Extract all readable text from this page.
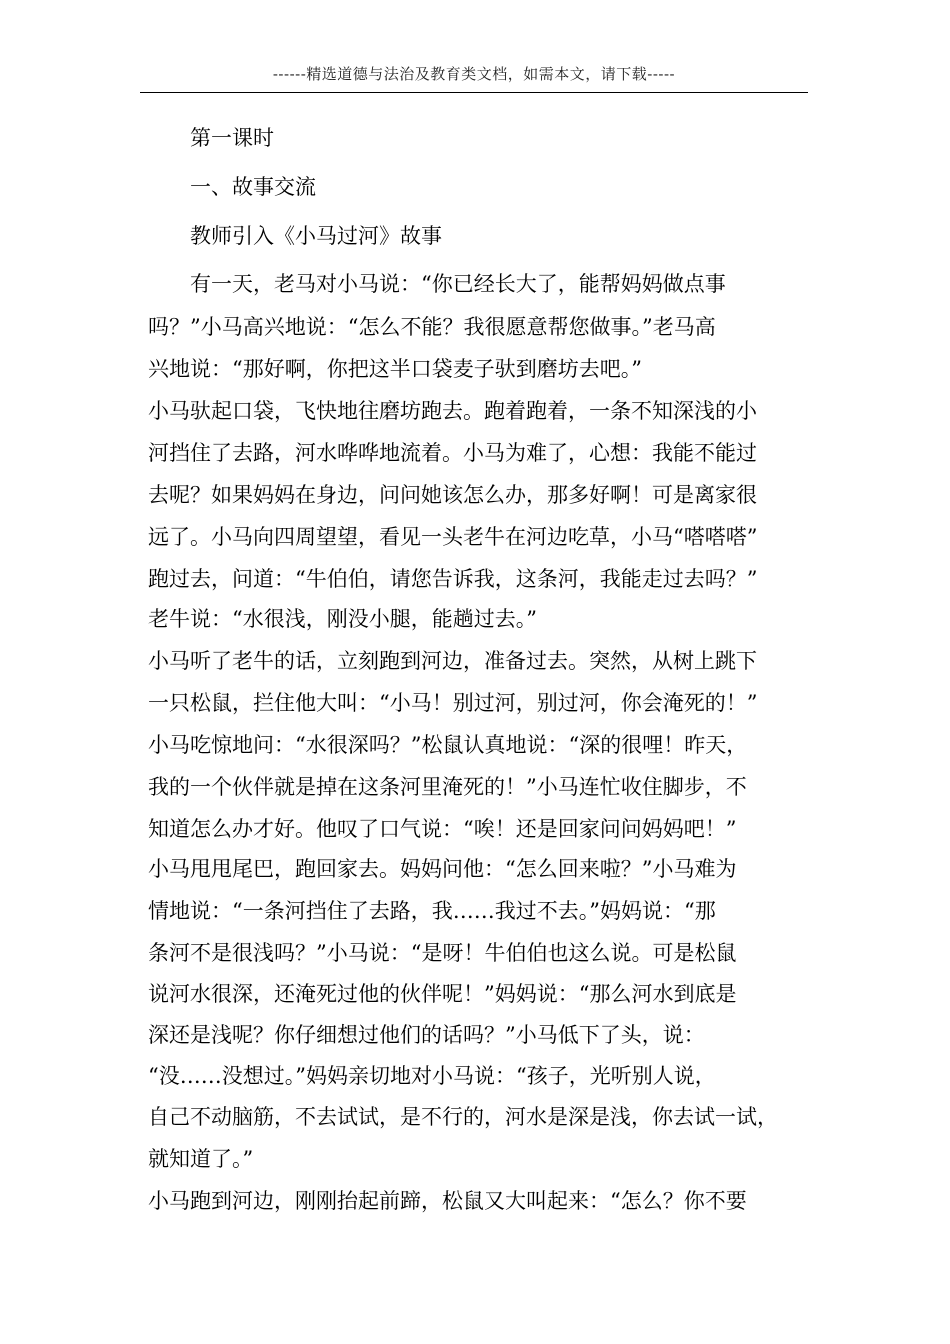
------精选道德与法治及教育类文档，如需本文，请下载-----
第一课时
一、故事交流
教师引入《小马过河》故事
有一天，老马对小马说：“你已经长大了，能帮妈妈做点事
吗？”小马高兴地说：“怎么不能？我很愿意帮您做事。”老马高
兴地说：“那好啊，你把这半口袋麦子驮到磨坊去吧。”
小马驮起口袋，飞快地往磨坊跑去。跑着跑着，一条不知深浅的小
河挡住了去路，河水哗哗地流着。小马为难了，心想：我能不能过
去呢？如果妈妈在身边，问问她该怎么办，那多好啊！可是离家很
远了。小马向四周望望，看见一头老牛在河边吃草，小马“嗒嗒嗒”
跑过去，问道：“牛伯伯，请您告诉我，这条河，我能走过去吗？”
老牛说：“水很浅，刚没小腿，能趟过去。”
小马听了老牛的话，立刻跑到河边，准备过去。突然，从树上跳下
一只松鼠，拦住他大叫：“小马！别过河，别过河，你会淹死的！”
小马吃惊地问：“水很深吗？”松鼠认真地说：“深的很哩！昨天，
我的一个伙伴就是掉在这条河里淹死的！”小马连忙收住脚步，不
知道怎么办才好。他叹了口气说：“唉！还是回家问问妈妈吧！”
小马甩甩尾巴，跑回家去。妈妈问他：“怎么回来啦？”小马难为
情地说：“一条河挡住了去路，我……我过不去。”妈妈说：“那
条河不是很浅吗？”小马说：“是呀！牛伯伯也这么说。可是松鼠
说河水很深，还淹死过他的伙伴呢！”妈妈说：“那么河水到底是
深还是浅呢？你仔细想过他们的话吗？”小马低下了头，说：
“没……没想过。”妈妈亲切地对小马说：“孩子，光听别人说，
自己不动脑筋，不去试试，是不行的，河水是深是浅，你去试一试，
就知道了。”
小马跑到河边，刚刚抬起前蹄，松鼠又大叫起来：“怎么？你不要
